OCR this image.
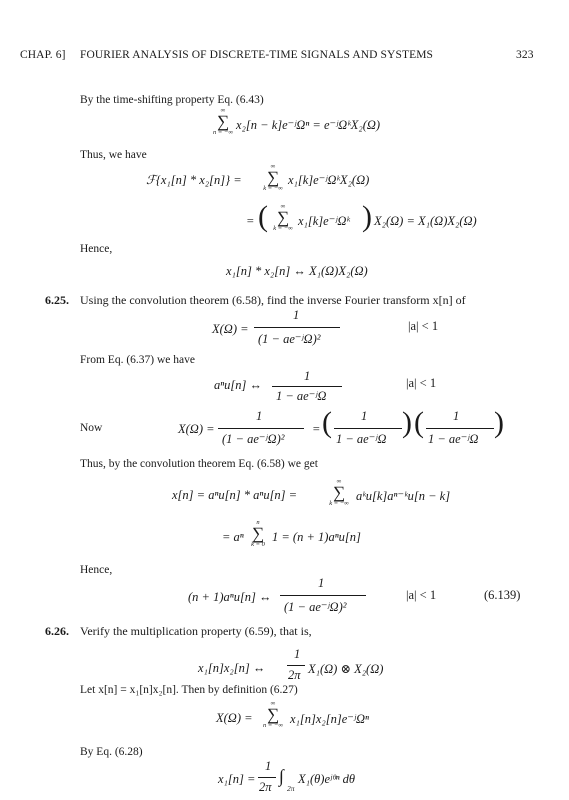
CHAP. 6] FOURIER ANALYSIS OF DISCRETE-TIME SIGNALS AND SYSTEMS	323
By the time-shifting property Eq. (6.43)
∞
∑
n = −∞
x₂[n − k]e⁻ʲΩⁿ = e⁻ʲΩᵏX₂(Ω)
Thus, we have
ℱ{x₁[n] * x₂[n]} =
∞
∑
k = −∞
x₁[k]e⁻ʲΩᵏX₂(Ω)
= (	∞
∑
k = −∞
x₁[k]e⁻ʲΩᵏ ) X₂(Ω) = X₁(Ω)X₂(Ω)
Hence,
x₁[n] * x₂[n] ↔ X₁(Ω)X₂(Ω)
6.25. Using the convolution theorem (6.58), find the inverse Fourier transform x[n] of
X(Ω) =
1
(1 − ae⁻ʲΩ)²
|a| < 1
From Eq. (6.37) we have
aⁿu[n] ↔
1
1 − ae⁻ʲΩ
|a| < 1
Now	X(Ω) =
1
(1 − ae⁻ʲΩ)²
= ( 1
1 − ae⁻ʲΩ ) ( 1
1 − ae⁻ʲΩ )
Thus, by the convolution theorem Eq. (6.58) we get
x[n] = aⁿu[n] * aⁿu[n] =
∞
∑
k = −∞
aᵏu[k]aⁿ⁻ᵏu[n − k]
= aⁿ
n
∑
k = 0
1 = (n + 1)aⁿu[n]
Hence,
(n + 1)aⁿu[n] ↔
1
(1 − ae⁻ʲΩ)²
|a| < 1	(6.139)
6.26. Verify the multiplication property (6.59), that is,
x₁[n]x₂[n] ↔
1
2π X₁(Ω) ⊗ X₂(Ω)
Let x[n] = x₁[n]x₂[n]. Then by definition (6.27)
X(Ω) =
∞
∑
n = −∞ x₁[n]x₂[n]e⁻ʲΩⁿ
By Eq. (6.28)
x₁[n] =
1
2π
∫
2π
X₁(θ)eʲᶿⁿ dθ
